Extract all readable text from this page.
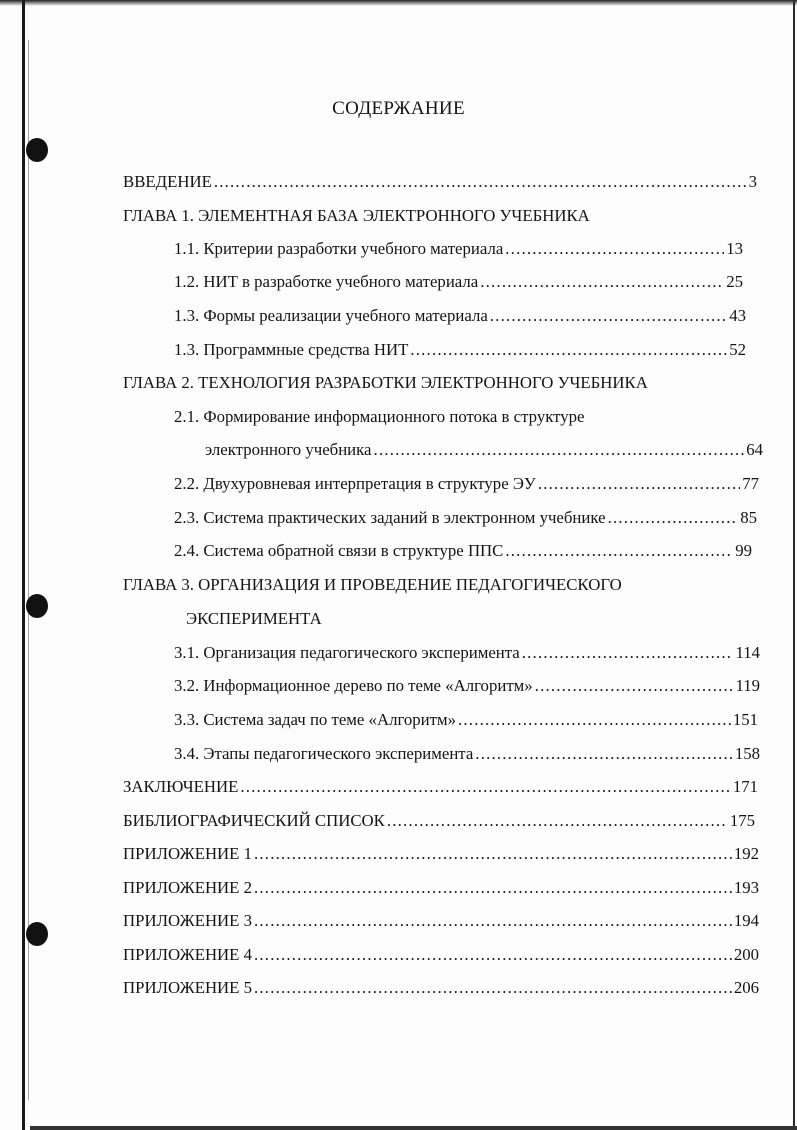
СОДЕРЖАНИЕ
ВВЕДЕНИЕ .....	3
ГЛАВА 1. ЭЛЕМЕНТНАЯ БАЗА ЭЛЕКТРОННОГО УЧЕБНИКА
1.1. Критерии разработки учебного материала .....	13
1.2. НИТ в разработке учебного материала .....	25
1.3. Формы реализации учебного материала .....	43
1.3. Программные средства НИТ .....	52
ГЛАВА 2. ТЕХНОЛОГИЯ РАЗРАБОТКИ ЭЛЕКТРОННОГО УЧЕБНИКА
2.1. Формирование информационного потока в структуре
электронного учебника .....	64
2.2. Двухуровневая интерпретация в структуре ЭУ .....	77
2.3. Система практических заданий в электронном учебнике .....	85
2.4. Система обратной связи в структуре ППС .....	99
ГЛАВА 3. ОРГАНИЗАЦИЯ И ПРОВЕДЕНИЕ ПЕДАГОГИЧЕСКОГО
ЭКСПЕРИМЕНТА
3.1. Организация педагогического эксперимента .....	114
3.2. Информационное дерево по теме «Алгоритм» .....	119
3.3. Система задач по теме «Алгоритм» .....	151
3.4. Этапы педагогического эксперимента .....	158
ЗАКЛЮЧЕНИЕ .....	171
БИБЛИОГРАФИЧЕСКИЙ СПИСОК .....	175
ПРИЛОЖЕНИЕ 1 .....	192
ПРИЛОЖЕНИЕ 2 .....	193
ПРИЛОЖЕНИЕ 3 .....	194
ПРИЛОЖЕНИЕ 4 .....	200
ПРИЛОЖЕНИЕ 5 .....	206
